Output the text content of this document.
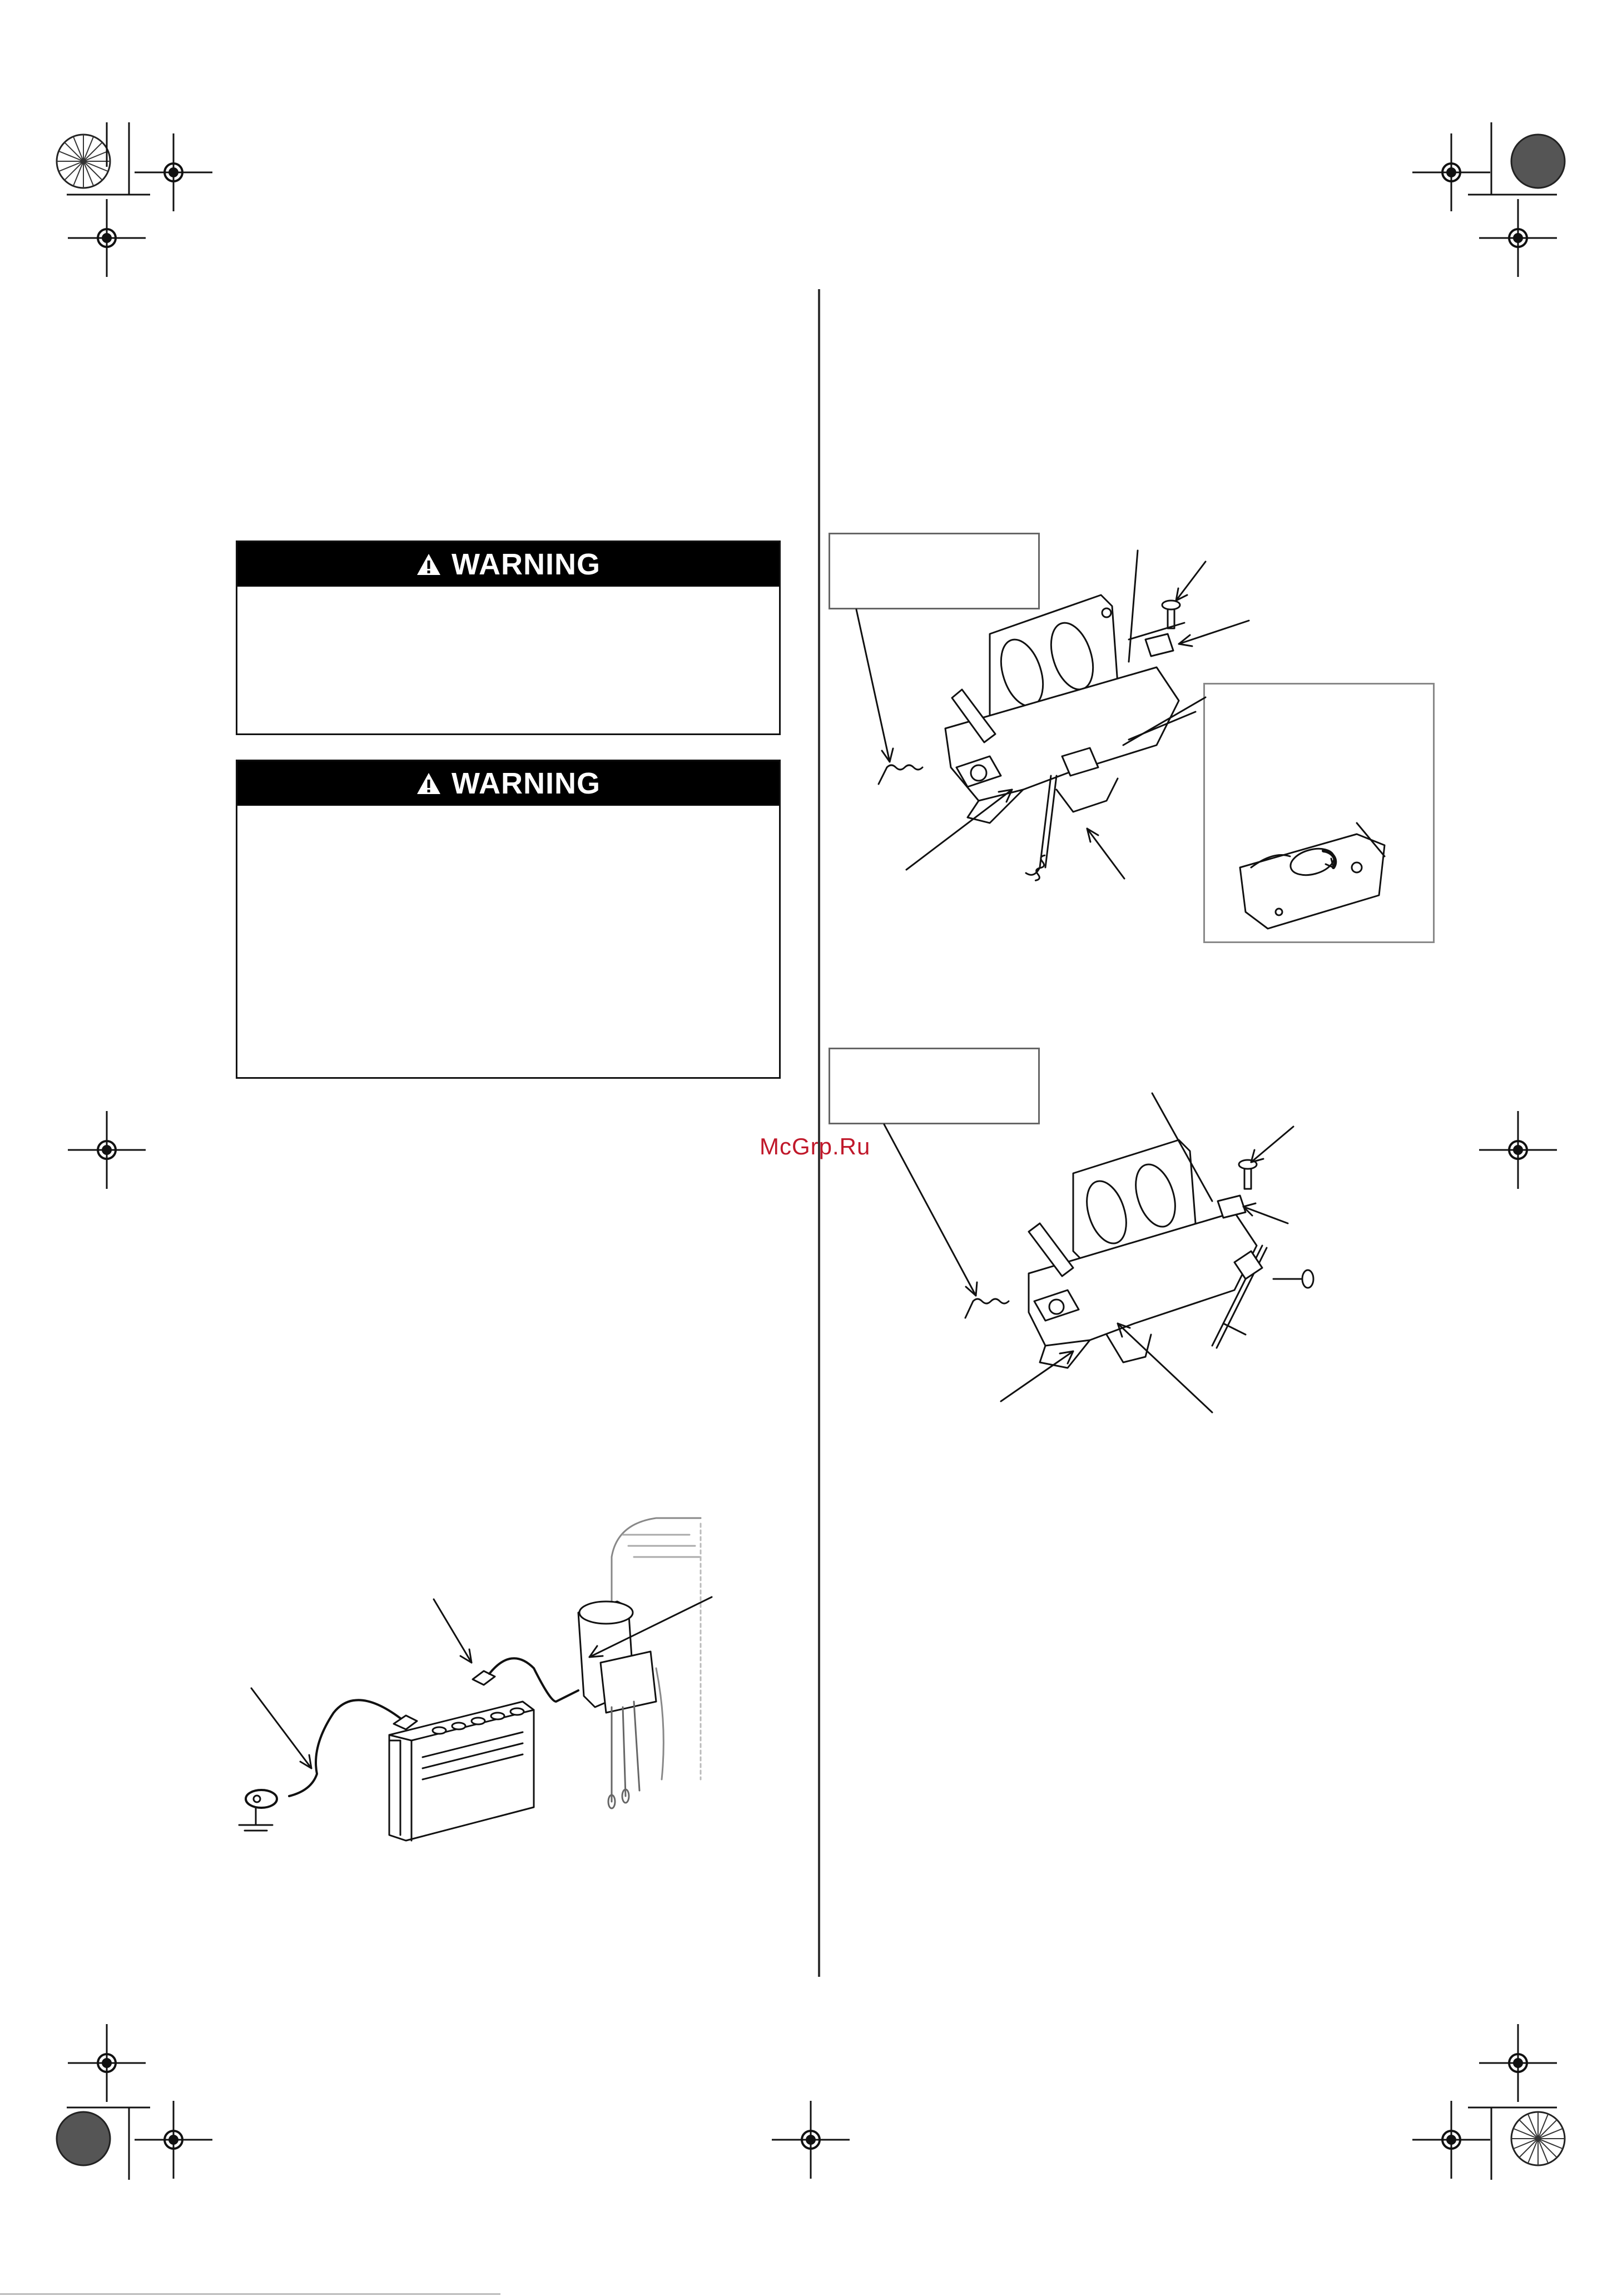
WARNING
WARNING
McGrp.Ru
